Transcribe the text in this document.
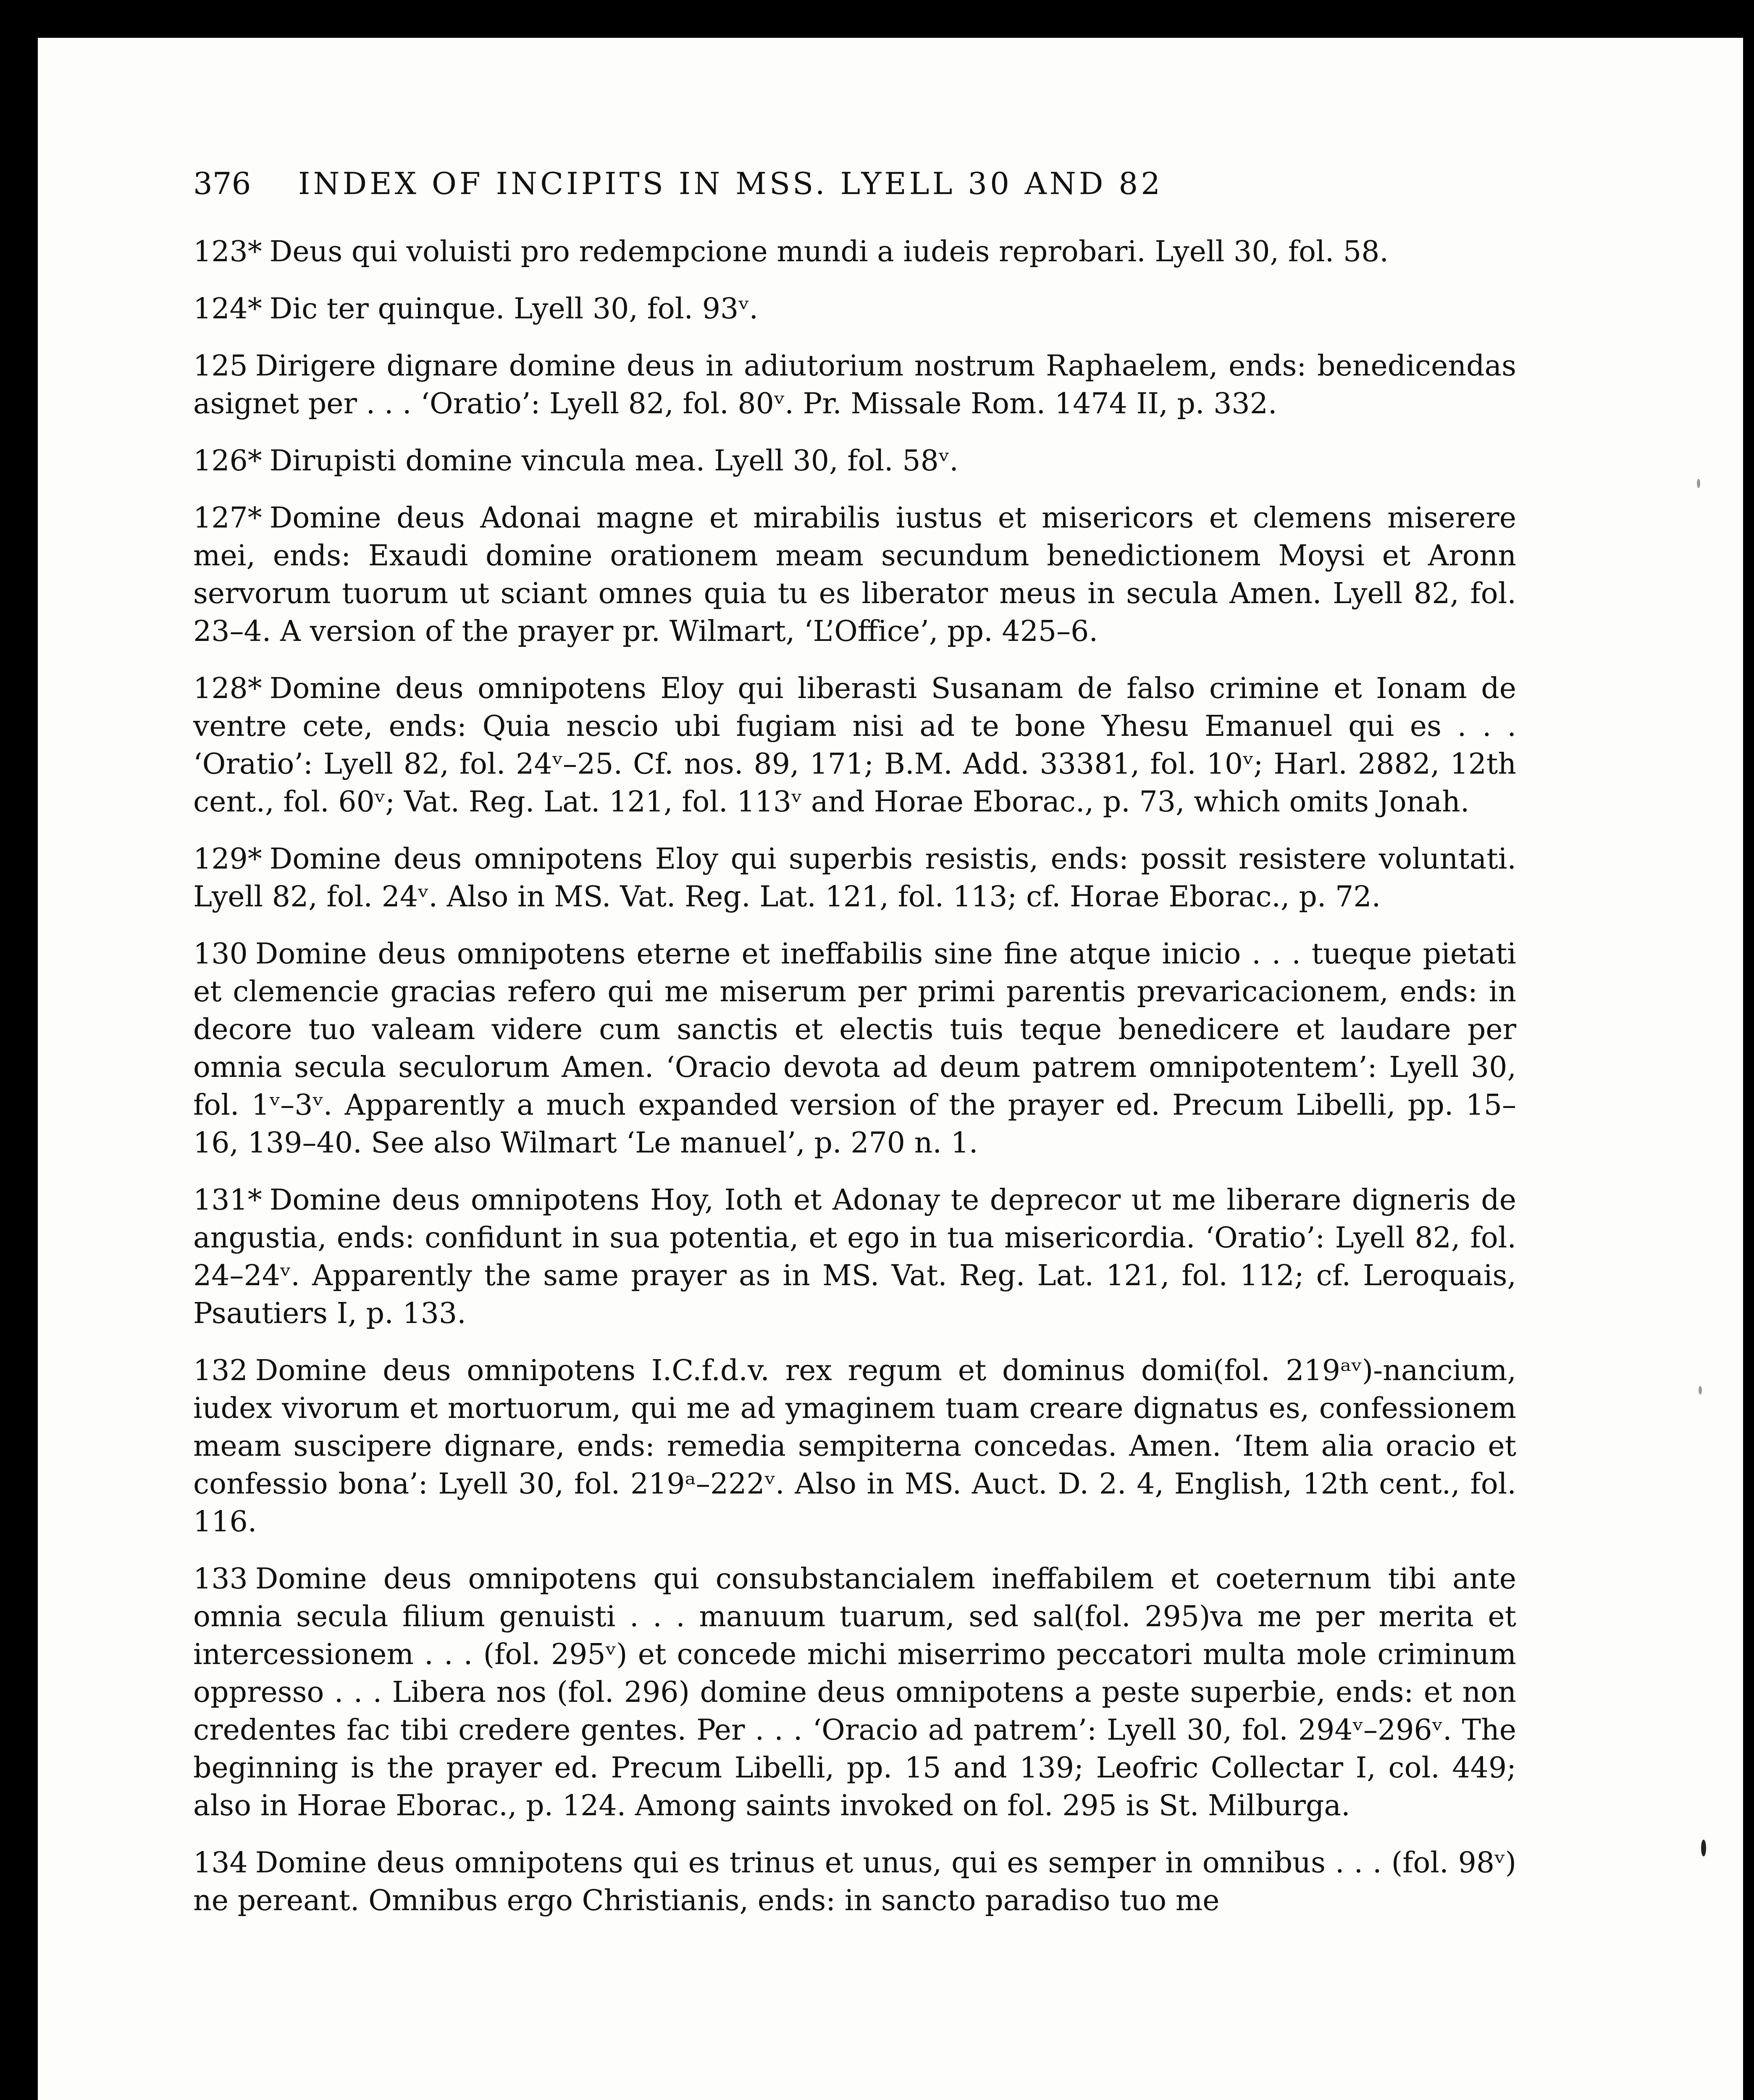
376 INDEX OF INCIPITS IN MSS. LYELL 30 AND 82

123* Deus qui voluisti pro redempcione mundi a iudeis reprobari. Lyell 30, fol. 58.

124* Dic ter quinque. Lyell 30, fol. 93ᵛ.

125 Dirigere dignare domine deus in adiutorium nostrum Raphaelem, ends: benedicendas asignet per . . . ‘Oratio’: Lyell 82, fol. 80ᵛ. Pr. Missale Rom. 1474 II, p. 332.

126* Dirupisti domine vincula mea. Lyell 30, fol. 58ᵛ.

127* Domine deus Adonai magne et mirabilis iustus et misericors et clemens miserere mei, ends: Exaudi domine orationem meam secundum benedictionem Moysi et Aronn servorum tuorum ut sciant omnes quia tu es liberator meus in secula Amen. Lyell 82, fol. 23–4. A version of the prayer pr. Wilmart, ‘L’Office’, pp. 425–6.

128* Domine deus omnipotens Eloy qui liberasti Susanam de falso crimine et Ionam de ventre cete, ends: Quia nescio ubi fugiam nisi ad te bone Yhesu Emanuel qui es . . . ‘Oratio’: Lyell 82, fol. 24ᵛ–25. Cf. nos. 89, 171; B.M. Add. 33381, fol. 10ᵛ; Harl. 2882, 12th cent., fol. 60ᵛ; Vat. Reg. Lat. 121, fol. 113ᵛ and Horae Eborac., p. 73, which omits Jonah.

129* Domine deus omnipotens Eloy qui superbis resistis, ends: possit resistere voluntati. Lyell 82, fol. 24ᵛ. Also in MS. Vat. Reg. Lat. 121, fol. 113; cf. Horae Eborac., p. 72.

130 Domine deus omnipotens eterne et ineffabilis sine fine atque inicio . . . tueque pietati et clemencie gracias refero qui me miserum per primi parentis prevaricacionem, ends: in decore tuo valeam videre cum sanctis et electis tuis teque benedicere et laudare per omnia secula seculorum Amen. ‘Oracio devota ad deum patrem omnipotentem’: Lyell 30, fol. 1ᵛ–3ᵛ. Apparently a much expanded version of the prayer ed. Precum Libelli, pp. 15–16, 139–40. See also Wilmart ‘Le manuel’, p. 270 n. 1.

131* Domine deus omnipotens Hoy, Ioth et Adonay te deprecor ut me liberare digneris de angustia, ends: confidunt in sua potentia, et ego in tua misericordia. ‘Oratio’: Lyell 82, fol. 24–24ᵛ. Apparently the same prayer as in MS. Vat. Reg. Lat. 121, fol. 112; cf. Leroquais, Psautiers I, p. 133.

132 Domine deus omnipotens I.C.f.d.v. rex regum et dominus domi(fol. 219ᵃᵛ)-nancium, iudex vivorum et mortuorum, qui me ad ymaginem tuam creare dignatus es, confessionem meam suscipere dignare, ends: remedia sempiterna concedas. Amen. ‘Item alia oracio et confessio bona’: Lyell 30, fol. 219ᵃ–222ᵛ. Also in MS. Auct. D. 2. 4, English, 12th cent., fol. 116.

133 Domine deus omnipotens qui consubstancialem ineffabilem et coeternum tibi ante omnia secula filium genuisti . . . manuum tuarum, sed sal(fol. 295)va me per merita et intercessionem . . . (fol. 295ᵛ) et concede michi miserrimo peccatori multa mole criminum oppresso . . . Libera nos (fol. 296) domine deus omnipotens a peste superbie, ends: et non credentes fac tibi credere gentes. Per . . . ‘Oracio ad patrem’: Lyell 30, fol. 294ᵛ–296ᵛ. The beginning is the prayer ed. Precum Libelli, pp. 15 and 139; Leofric Collectar I, col. 449; also in Horae Eborac., p. 124. Among saints invoked on fol. 295 is St. Milburga.

134 Domine deus omnipotens qui es trinus et unus, qui es semper in omnibus . . . (fol. 98ᵛ) ne pereant. Omnibus ergo Christianis, ends: in sancto paradiso tuo me
